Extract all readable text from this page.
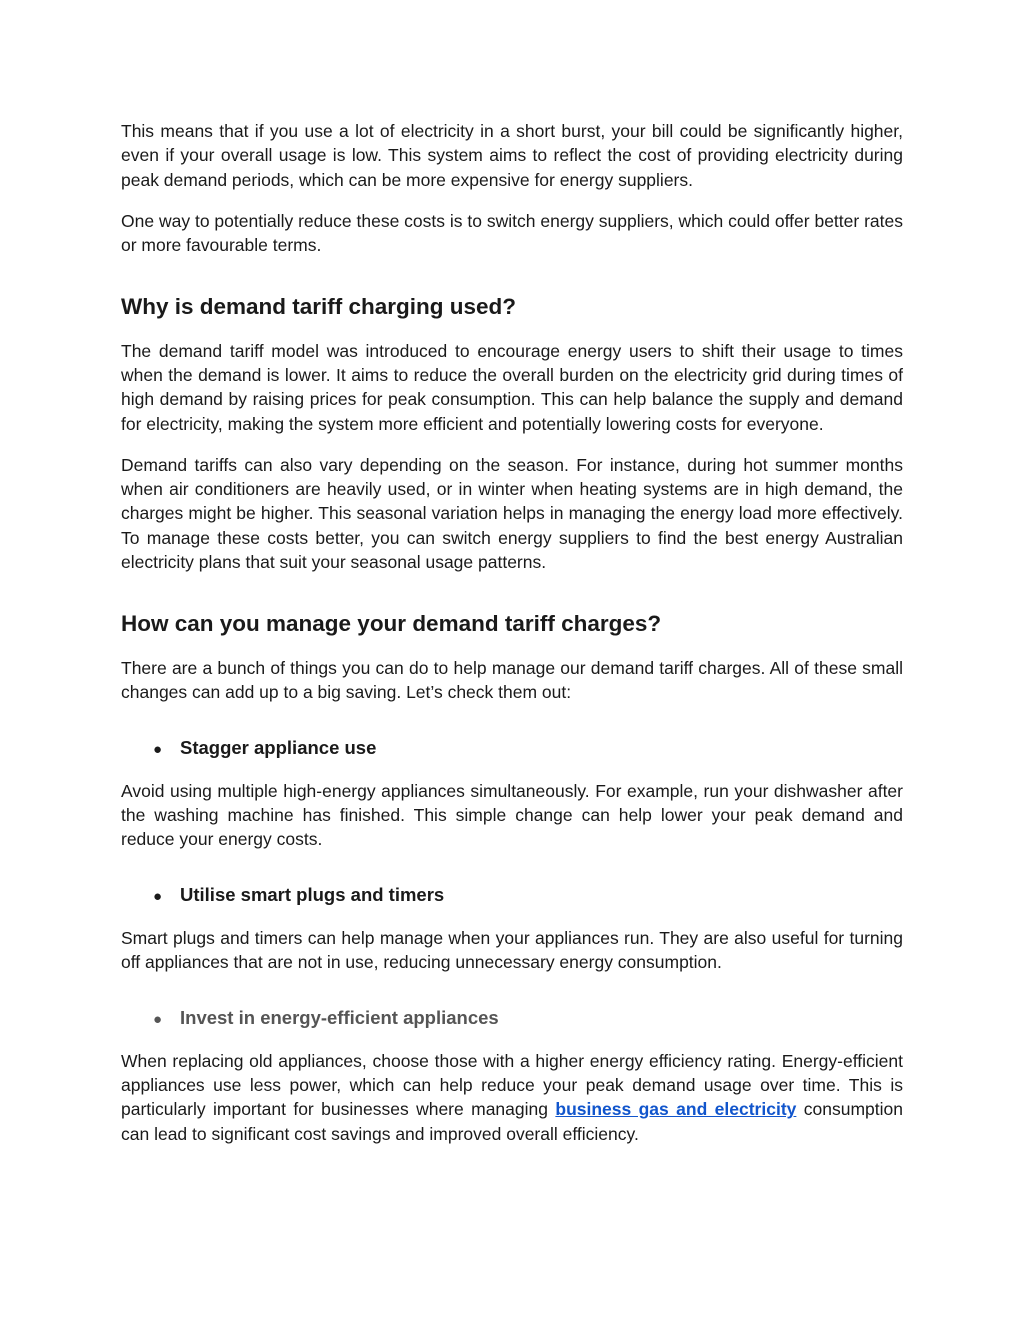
This means that if you use a lot of electricity in a short burst, your bill could be significantly higher, even if your overall usage is low. This system aims to reflect the cost of providing electricity during peak demand periods, which can be more expensive for energy suppliers.

One way to potentially reduce these costs is to switch energy suppliers, which could offer better rates or more favourable terms.

Why is demand tariff charging used?

The demand tariff model was introduced to encourage energy users to shift their usage to times when the demand is lower. It aims to reduce the overall burden on the electricity grid during times of high demand by raising prices for peak consumption. This can help balance the supply and demand for electricity, making the system more efficient and potentially lowering costs for everyone.

Demand tariffs can also vary depending on the season. For instance, during hot summer months when air conditioners are heavily used, or in winter when heating systems are in high demand, the charges might be higher. This seasonal variation helps in managing the energy load more effectively. To manage these costs better, you can switch energy suppliers to find the best energy Australian electricity plans that suit your seasonal usage patterns.

How can you manage your demand tariff charges?

There are a bunch of things you can do to help manage our demand tariff charges. All of these small changes can add up to a big saving. Let’s check them out:

● Stagger appliance use

Avoid using multiple high-energy appliances simultaneously. For example, run your dishwasher after the washing machine has finished. This simple change can help lower your peak demand and reduce your energy costs.

● Utilise smart plugs and timers

Smart plugs and timers can help manage when your appliances run. They are also useful for turning off appliances that are not in use, reducing unnecessary energy consumption.

● Invest in energy-efficient appliances

When replacing old appliances, choose those with a higher energy efficiency rating. Energy-efficient appliances use less power, which can help reduce your peak demand usage over time. This is particularly important for businesses where managing business gas and electricity consumption can lead to significant cost savings and improved overall efficiency.
